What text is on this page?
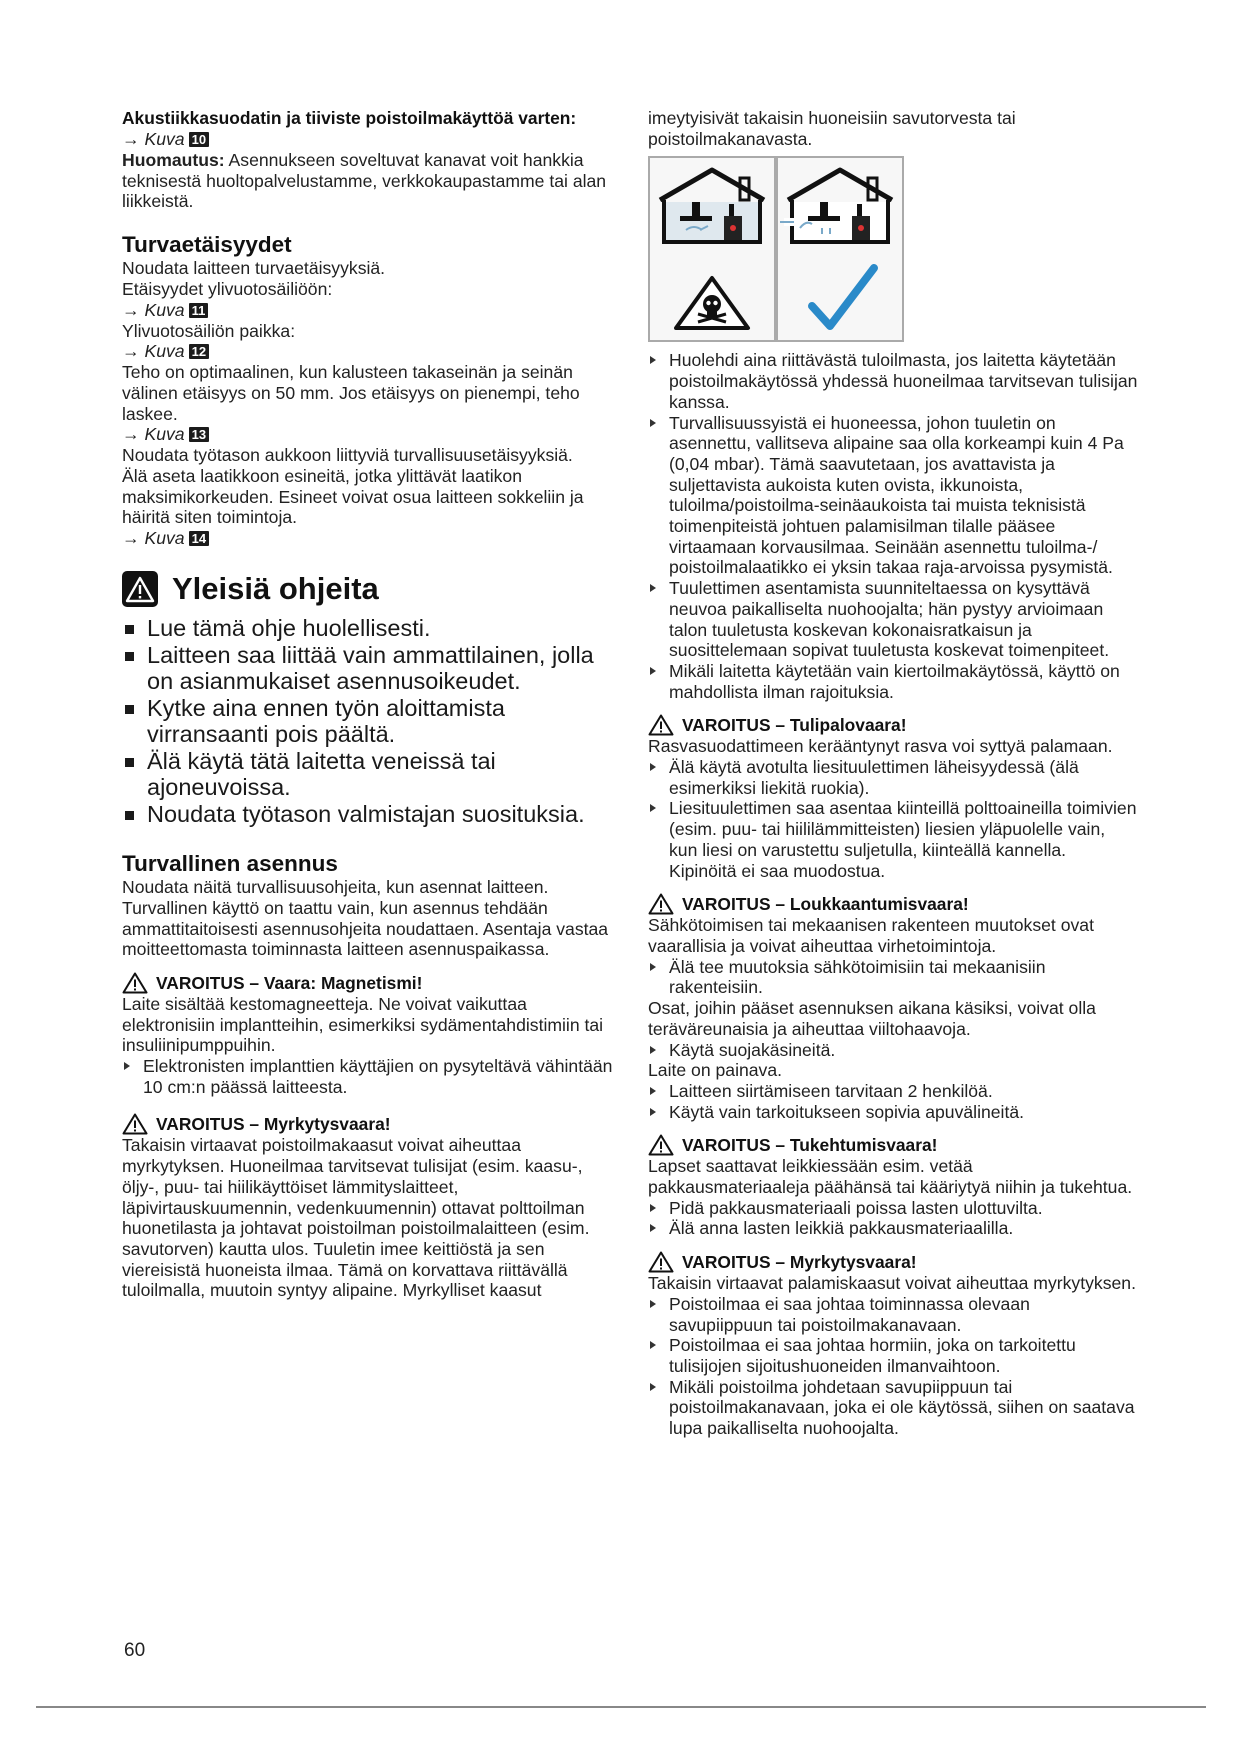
Akustiikkasuodatin ja tiiviste poistoilmakäyttöä varten:

→ Kuva 10

Huomautus: Asennukseen soveltuvat kanavat voit hankkia teknisestä huoltopalvelustamme, verkkokaupastamme tai alan liikkeistä.

Turvaetäisyydet

Noudata laitteen turvaetäisyyksiä.

Etäisyydet ylivuotosäiliöön:

→ Kuva 11

Ylivuotosäiliön paikka:

→ Kuva 12

Teho on optimaalinen, kun kalusteen takaseinän ja seinän välinen etäisyys on 50 mm. Jos etäisyys on pienempi, teho laskee.

→ Kuva 13

Noudata työtason aukkoon liittyviä turvallisuusetäisyyksiä.

Älä aseta laatikkoon esineitä, jotka ylittävät laatikon maksimikorkeuden. Esineet voivat osua laitteen sokkeliin ja häiritä siten toimintoja.

→ Kuva 14

Yleisiä ohjeita
Lue tämä ohje huolellisesti.
Laitteen saa liittää vain ammattilainen, jolla on asianmukaiset asennusoikeudet.
Kytke aina ennen työn aloittamista virransaanti pois päältä.
Älä käytä tätä laitetta veneissä tai ajoneuvoissa.
Noudata työtason valmistajan suosituksia.
Turvallinen asennus

Noudata näitä turvallisuusohjeita, kun asennat laitteen.

Turvallinen käyttö on taattu vain, kun asennus tehdään ammattitaitoisesti asennusohjeita noudattaen. Asentaja vastaa moitteettomasta toiminnasta laitteen asennuspaikassa.

VAROITUS – Vaara: Magnetismi!

Laite sisältää kestomagneetteja. Ne voivat vaikuttaa elektronisiin implantteihin, esimerkiksi sydämentahdistimiin tai insuliinipumppuihin.

Elektronisten implanttien käyttäjien on pysyteltävä vähintään 10 cm:n päässä laitteesta.
VAROITUS – Myrkytysvaara!

Takaisin virtaavat poistoilmakaasut voivat aiheuttaa myrkytyksen. Huoneilmaa tarvitsevat tulisijat (esim. kaasu-, öljy-, puu- tai hiilikäyttöiset lämmityslaitteet, läpivirtauskuumennin, vedenkuumennin) ottavat polttoilman huonetilasta ja johtavat poistoilman poistoilmalaitteen (esim. savutorven) kautta ulos. Tuuletin imee keittiöstä ja sen viereisistä huoneista ilmaa. Tämä on korvattava riittävällä tuloilmalla, muutoin syntyy alipaine. Myrkylliset kaasut

imeytyisivät takaisin huoneisiin savutorvesta tai poistoilmakanavasta.

Huolehdi aina riittävästä tuloilmasta, jos laitetta käytetään poistoilmakäytössä yhdessä huoneilmaa tarvitsevan tulisijan kanssa.
Turvallisuussyistä ei huoneessa, johon tuuletin on asennettu, vallitseva alipaine saa olla korkeampi kuin 4 Pa (0,04 mbar). Tämä saavutetaan, jos avattavista ja suljettavista aukoista kuten ovista, ikkunoista, tuloilma/poistoilma-seinäaukoista tai muista teknisistä toimenpiteistä johtuen palamisilman tilalle pääsee virtaamaan korvausilmaa. Seinään asennettu tuloilma-/ poistoilmalaatikko ei yksin takaa raja-arvoissa pysymistä.
Tuulettimen asentamista suunniteltaessa on kysyttävä neuvoa paikalliselta nuohoojalta; hän pystyy arvioimaan talon tuuletusta koskevan kokonaisratkaisun ja suosittelemaan sopivat tuuletusta koskevat toimenpiteet.
Mikäli laitetta käytetään vain kiertoilmakäytössä, käyttö on mahdollista ilman rajoituksia.
VAROITUS – Tulipalovaara!

Rasvasuodattimeen kerääntynyt rasva voi syttyä palamaan.

Älä käytä avotulta liesituulettimen läheisyydessä (älä esimerkiksi liekitä ruokia).
Liesituulettimen saa asentaa kiinteillä polttoaineilla toimivien (esim. puu- tai hiililämmitteisten) liesien yläpuolelle vain, kun liesi on varustettu suljetulla, kiinteällä kannella. Kipinöitä ei saa muodostua.
VAROITUS – Loukkaantumisvaara!

Sähkötoimisen tai mekaanisen rakenteen muutokset ovat vaarallisia ja voivat aiheuttaa virhetoimintoja.

Älä tee muutoksia sähkötoimisiin tai mekaanisiin rakenteisiin.

Osat, joihin pääset asennuksen aikana käsiksi, voivat olla teräväreunaisia ja aiheuttaa viiltohaavoja.

Käytä suojakäsineitä.

Laite on painava.

Laitteen siirtämiseen tarvitaan 2 henkilöä.
Käytä vain tarkoitukseen sopivia apuvälineitä.
VAROITUS – Tukehtumisvaara!

Lapset saattavat leikkiessään esim. vetää pakkausmateriaaleja päähänsä tai kääriytyä niihin ja tukehtua.

Pidä pakkausmateriaali poissa lasten ulottuvilta.
Älä anna lasten leikkiä pakkausmateriaalilla.
VAROITUS – Myrkytysvaara!

Takaisin virtaavat palamiskaasut voivat aiheuttaa myrkytyksen.

Poistoilmaa ei saa johtaa toiminnassa olevaan savupiippuun tai poistoilmakanavaan.
Poistoilmaa ei saa johtaa hormiin, joka on tarkoitettu tulisijojen sijoitushuoneiden ilmanvaihtoon.
Mikäli poistoilma johdetaan savupiippuun tai poistoilmakanavaan, joka ei ole käytössä, siihen on saatava lupa paikalliselta nuohoojalta.
60
